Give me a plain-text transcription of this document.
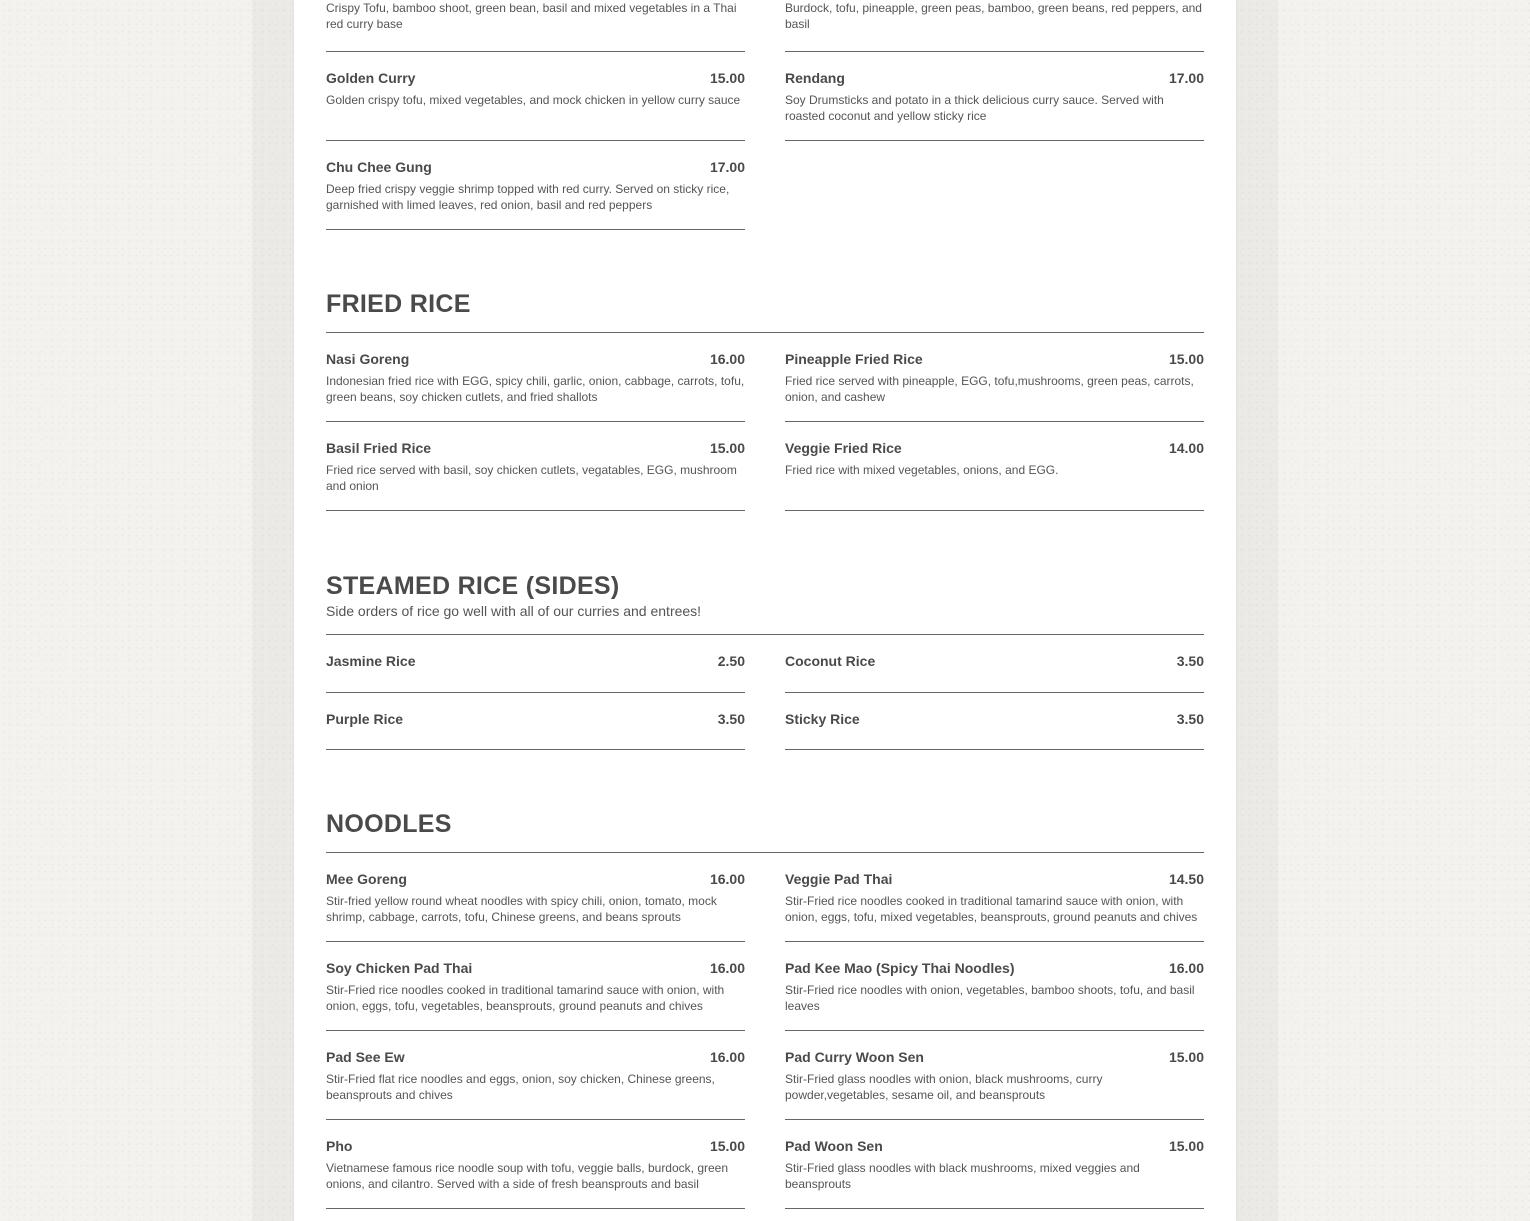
Crispy Tofu, bamboo shoot, green bean, basil and mixed vegetables in a Thai red curry base
Burdock, tofu, pineapple, green peas, bamboo, green beans, red peppers, and basil
Golden Curry	15.00
Golden crispy tofu, mixed vegetables, and mock chicken in yellow curry sauce
Rendang	17.00
Soy Drumsticks and potato in a thick delicious curry sauce. Served with roasted coconut and yellow sticky rice
Chu Chee Gung	17.00
Deep fried crispy veggie shrimp topped with red curry. Served on sticky rice, garnished with limed leaves, red onion, basil and red peppers
FRIED RICE
Nasi Goreng	16.00
Indonesian fried rice with EGG, spicy chili, garlic, onion, cabbage, carrots, tofu, green beans, soy chicken cutlets, and fried shallots
Pineapple Fried Rice	15.00
Fried rice served with pineapple, EGG, tofu,mushrooms, green peas, carrots, onion, and cashew
Basil Fried Rice	15.00
Fried rice served with basil, soy chicken cutlets, vegatables, EGG, mushroom and onion
Veggie Fried Rice	14.00
Fried rice with mixed vegetables, onions, and EGG.
STEAMED RICE (SIDES)
Side orders of rice go well with all of our curries and entrees!
Jasmine Rice	2.50	Coconut Rice	3.50
Purple Rice	3.50	Sticky Rice	3.50
NOODLES
Mee Goreng	16.00
Stir-fried yellow round wheat noodles with spicy chili, onion, tomato, mock shrimp, cabbage, carrots, tofu, Chinese greens, and beans sprouts
Veggie Pad Thai	14.50
Stir-Fried rice noodles cooked in traditional tamarind sauce with onion, with onion, eggs, tofu, mixed vegetables, beansprouts, ground peanuts and chives
Soy Chicken Pad Thai	16.00
Stir-Fried rice noodles cooked in traditional tamarind sauce with onion, with onion, eggs, tofu, vegetables, beansprouts, ground peanuts and chives
Pad Kee Mao (Spicy Thai Noodles)	16.00
Stir-Fried rice noodles with onion, vegetables, bamboo shoots, tofu, and basil leaves
Pad See Ew	16.00
Stir-Fried flat rice noodles and eggs, onion, soy chicken, Chinese greens, beansprouts and chives
Pad Curry Woon Sen	15.00
Stir-Fried glass noodles with onion, black mushrooms, curry powder,vegetables, sesame oil, and beansprouts
Pho	15.00
Vietnamese famous rice noodle soup with tofu, veggie balls, burdock, green onions, and cilantro. Served with a side of fresh beansprouts and basil
Pad Woon Sen	15.00
Stir-Fried glass noodles with black mushrooms, mixed veggies and beansprouts
